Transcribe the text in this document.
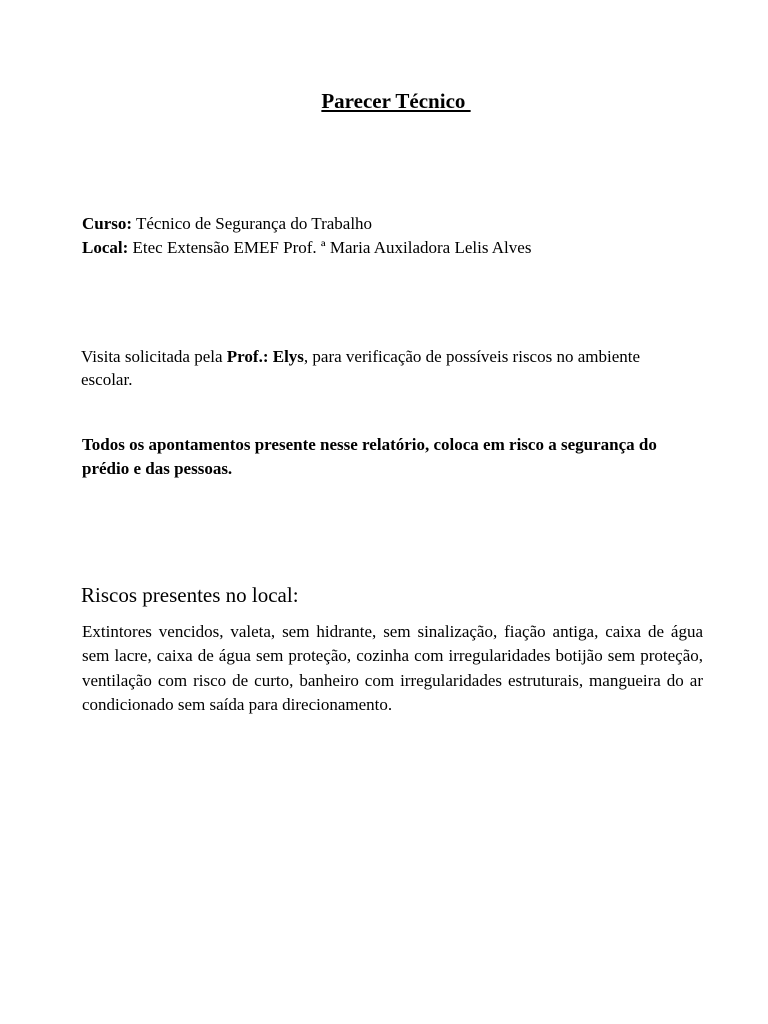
Parecer Técnico
Curso: Técnico de Segurança do Trabalho
Local: Etec Extensão EMEF Prof. ª Maria Auxiladora Lelis Alves

Visita solicitada pela Prof.: Elys, para verificação de possíveis riscos no ambiente escolar.

Todos os apontamentos presente nesse relatório, coloca em risco a segurança do prédio e das pessoas.

Riscos presentes no local:

Extintores vencidos, valeta, sem hidrante, sem sinalização, fiação antiga, caixa de água sem lacre, caixa de água sem proteção, cozinha com irregularidades botijão sem proteção, ventilação com risco de curto, banheiro com irregularidades estruturais, mangueira do ar condicionado sem saída para direcionamento.
